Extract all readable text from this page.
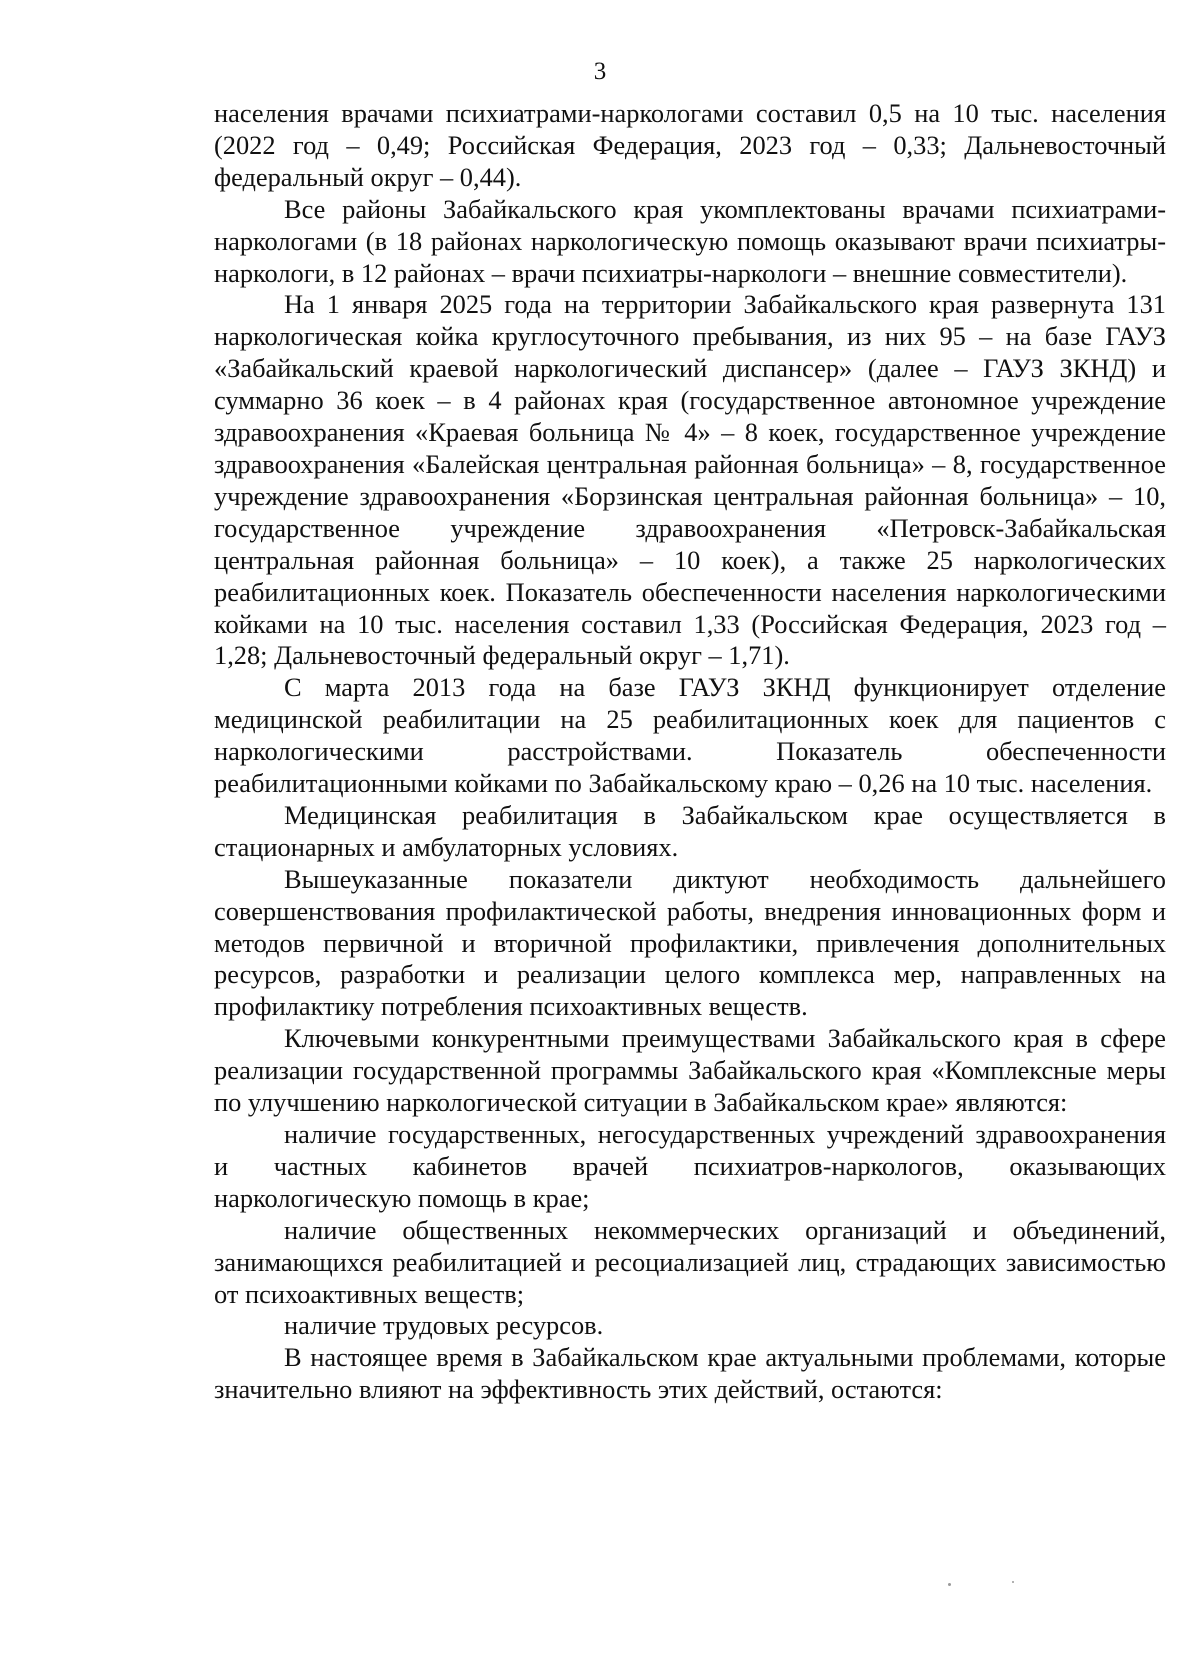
3

населения врачами психиатрами-наркологами составил 0,5 на 10 тыс. населения (2022 год – 0,49; Российская Федерация, 2023 год – 0,33; Дальневосточный федеральный округ – 0,44).

Все районы Забайкальского края укомплектованы врачами психиатрами-наркологами (в 18 районах наркологическую помощь оказывают врачи психиатры-наркологи, в 12 районах – врачи психиатры-наркологи – внешние совместители).

На 1 января 2025 года на территории Забайкальского края развернута 131 наркологическая койка круглосуточного пребывания, из них 95 – на базе ГАУЗ «Забайкальский краевой наркологический диспансер» (далее – ГАУЗ ЗКНД) и суммарно 36 коек – в 4 районах края (государственное автономное учреждение здравоохранения «Краевая больница № 4» – 8 коек, государственное учреждение здравоохранения «Балейская центральная районная больница» – 8, государственное учреждение здравоохранения «Борзинская центральная районная больница» – 10, государственное учреждение здравоохранения «Петровск-Забайкальская центральная районная больница» – 10 коек), а также 25 наркологических реабилитационных коек. Показатель обеспеченности населения наркологическими койками на 10 тыс. населения составил 1,33 (Российская Федерация, 2023 год – 1,28; Дальневосточный федеральный округ – 1,71).

С марта 2013 года на базе ГАУЗ ЗКНД функционирует отделение медицинской реабилитации на 25 реабилитационных коек для пациентов с наркологическими расстройствами. Показатель обеспеченности реабилитационными койками по Забайкальскому краю – 0,26 на 10 тыс. населения.

Медицинская реабилитация в Забайкальском крае осуществляется в стационарных и амбулаторных условиях.

Вышеуказанные показатели диктуют необходимость дальнейшего совершенствования профилактической работы, внедрения инновационных форм и методов первичной и вторичной профилактики, привлечения дополнительных ресурсов, разработки и реализации целого комплекса мер, направленных на профилактику потребления психоактивных веществ.

Ключевыми конкурентными преимуществами Забайкальского края в сфере реализации государственной программы Забайкальского края «Комплексные меры по улучшению наркологической ситуации в Забайкальском крае» являются:

наличие государственных, негосударственных учреждений здравоохранения и частных кабинетов врачей психиатров-наркологов, оказывающих наркологическую помощь в крае;

наличие общественных некоммерческих организаций и объединений, занимающихся реабилитацией и ресоциализацией лиц, страдающих зависимостью от психоактивных веществ;

наличие трудовых ресурсов.

В настоящее время в Забайкальском крае актуальными проблемами, которые значительно влияют на эффективность этих действий, остаются:
